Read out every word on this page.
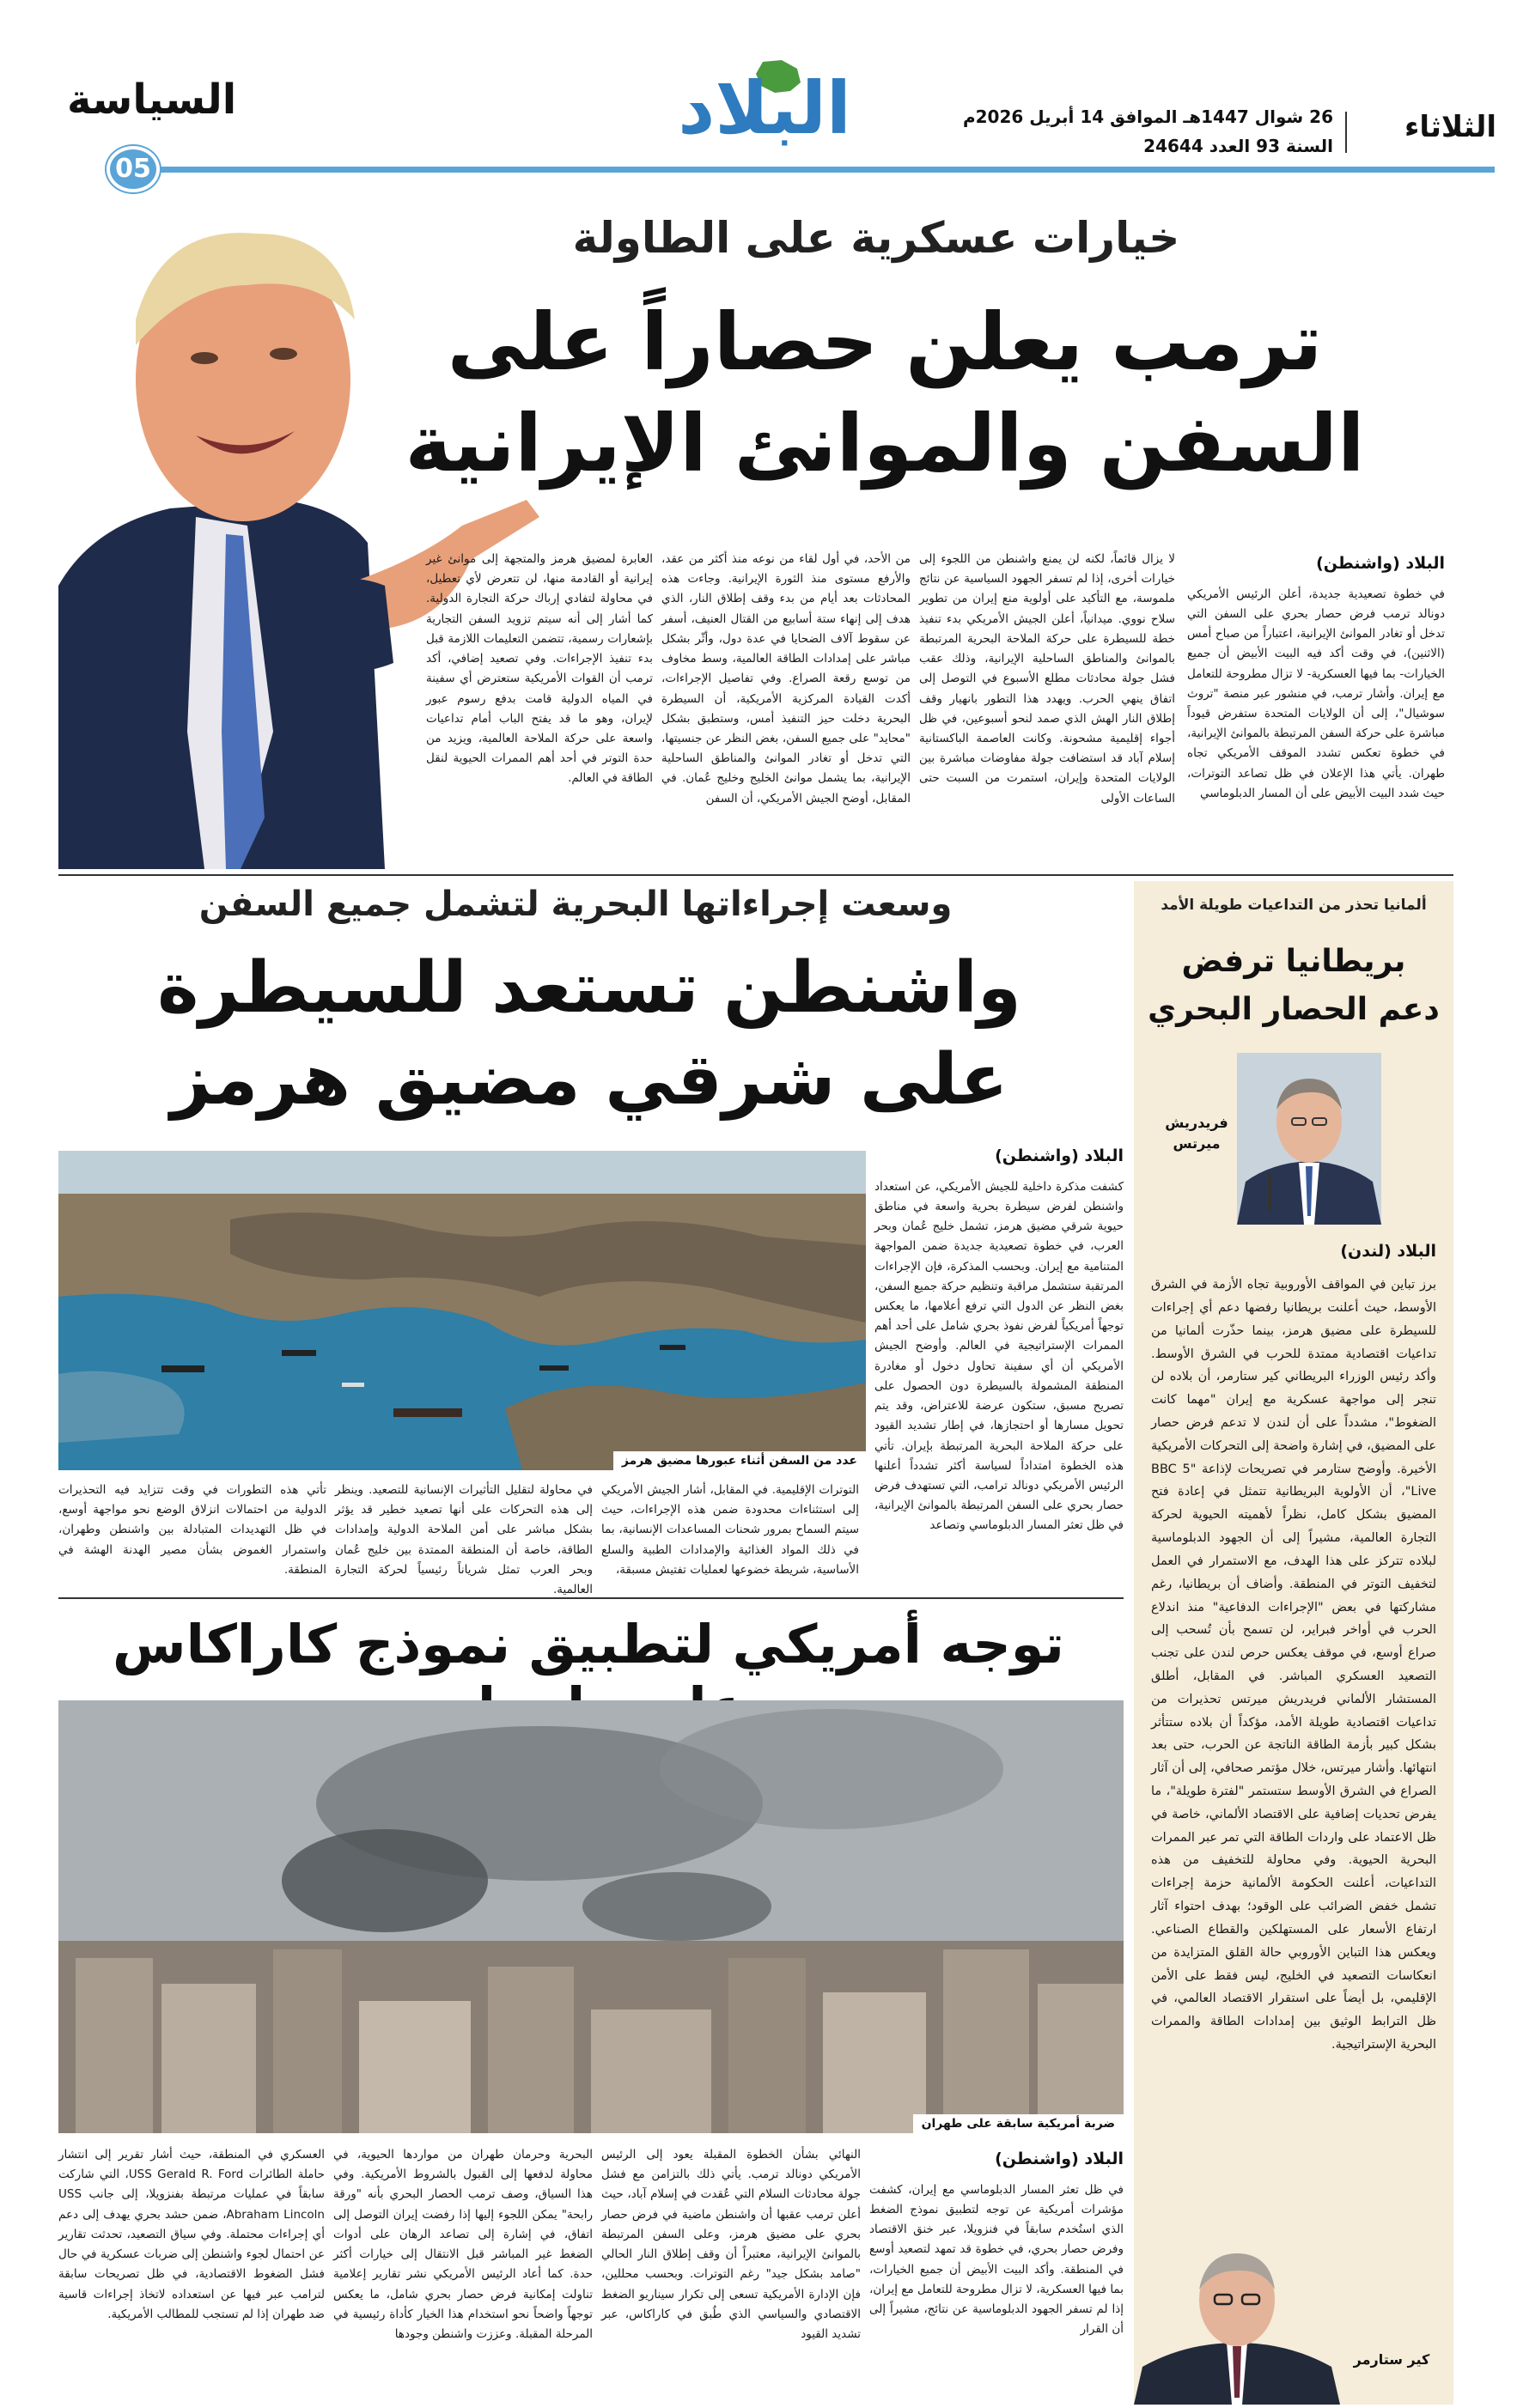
الثلاثاء
26 شوال 1447هـ الموافق 14 أبريل 2026م
السنة 93 العدد 24644
البلاد
السياسة
05
خيارات عسكرية على الطاولة
ترمب يعلن حصاراً على
السفن والموانئ الإيرانية
البلاد (واشنطن)

في خطوة تصعيدية جديدة، أعلن الرئيس الأمريكي دونالد ترمب فرض حصار بحري على السفن التي تدخل أو تغادر الموانئ الإيرانية، اعتباراً من صباح أمس (الاثنين)، في وقت أكد فيه البيت الأبيض أن جميع الخيارات- بما فيها العسكرية- لا تزال مطروحة للتعامل مع إيران. وأشار ترمب، في منشور عبر منصة "تروث سوشيال"، إلى أن الولايات المتحدة ستفرض قيوداً مباشرة على حركة السفن المرتبطة بالموانئ الإيرانية، في خطوة تعكس تشدد الموقف الأمريكي تجاه طهران. يأتي هذا الإعلان في ظل تصاعد التوترات، حيث شدد البيت الأبيض على أن المسار الدبلوماسي

لا يزال قائماً، لكنه لن يمنع واشنطن من اللجوء إلى خيارات أخرى، إذا لم تسفر الجهود السياسية عن نتائج ملموسة، مع التأكيد على أولوية منع إيران من تطوير سلاح نووي. ميدانياً، أعلن الجيش الأمريكي بدء تنفيذ خطة للسيطرة على حركة الملاحة البحرية المرتبطة بالموانئ والمناطق الساحلية الإيرانية، وذلك عقب فشل جولة محادثات مطلع الأسبوع في التوصل إلى اتفاق ينهي الحرب. ويهدد هذا التطور بانهيار وقف إطلاق النار الهش الذي صمد لنحو أسبوعين، في ظل أجواء إقليمية مشحونة. وكانت العاصمة الباكستانية إسلام آباد قد استضافت جولة مفاوضات مباشرة بين الولايات المتحدة وإيران، استمرت من السبت حتى الساعات الأولى

من الأحد، في أول لقاء من نوعه منذ أكثر من عقد، والأرفع مستوى منذ الثورة الإيرانية. وجاءت هذه المحادثات بعد أيام من بدء وقف إطلاق النار، الذي هدف إلى إنهاء ستة أسابيع من القتال العنيف، أسفر عن سقوط آلاف الضحايا في عدة دول، وأثّر بشكل مباشر على إمدادات الطاقة العالمية، وسط مخاوف من توسع رقعة الصراع. وفي تفاصيل الإجراءات، أكدت القيادة المركزية الأمريكية، أن السيطرة البحرية دخلت حيز التنفيذ أمس، وستطبق بشكل "محايد" على جميع السفن، بغض النظر عن جنسيتها، التي تدخل أو تغادر الموانئ والمناطق الساحلية الإيرانية، بما يشمل موانئ الخليج وخليج عُمان. في المقابل، أوضح الجيش الأمريكي، أن السفن

العابرة لمضيق هرمز والمتجهة إلى موانئ غير إيرانية أو القادمة منها، لن تتعرض لأي تعطيل، في محاولة لتفادي إرباك حركة التجارة الدولية. كما أشار إلى أنه سيتم تزويد السفن التجارية بإشعارات رسمية، تتضمن التعليمات اللازمة قبل بدء تنفيذ الإجراءات. وفي تصعيد إضافي، أكد ترمب أن القوات الأمريكية ستعترض أي سفينة في المياه الدولية قامت بدفع رسوم عبور لإيران، وهو ما قد يفتح الباب أمام تداعيات واسعة على حركة الملاحة العالمية، ويزيد من حدة التوتر في أحد أهم الممرات الحيوية لنقل الطاقة في العالم.

ألمانيا تحذر من التداعيات طويلة الأمد
بريطانيا ترفض
دعم الحصار البحري
فريدريش ميرتس
البلاد (لندن)

برز تباين في المواقف الأوروبية تجاه الأزمة في الشرق الأوسط، حيث أعلنت بريطانيا رفضها دعم أي إجراءات للسيطرة على مضيق هرمز، بينما حذّرت ألمانيا من تداعيات اقتصادية ممتدة للحرب في الشرق الأوسط. وأكد رئيس الوزراء البريطاني كير ستارمر، أن بلاده لن تنجر إلى مواجهة عسكرية مع إيران "مهما كانت الضغوط"، مشدداً على أن لندن لا تدعم فرض حصار على المضيق، في إشارة واضحة إلى التحركات الأمريكية الأخيرة. وأوضح ستارمر في تصريحات لإذاعة "BBC 5 Live"، أن الأولوية البريطانية تتمثل في إعادة فتح المضيق بشكل كامل، نظراً لأهميته الحيوية لحركة التجارة العالمية، مشيراً إلى أن الجهود الدبلوماسية لبلاده تتركز على هذا الهدف، مع الاستمرار في العمل لتخفيف التوتر في المنطقة. وأضاف أن بريطانيا، رغم مشاركتها في بعض "الإجراءات الدفاعية" منذ اندلاع الحرب في أواخر فبراير، لن تسمح بأن تُسحب إلى صراع أوسع، في موقف يعكس حرص لندن على تجنب التصعيد العسكري المباشر. في المقابل، أطلق المستشار الألماني فريدريش ميرتس تحذيرات من تداعيات اقتصادية طويلة الأمد، مؤكداً أن بلاده ستتأثر بشكل كبير بأزمة الطاقة الناتجة عن الحرب، حتى بعد انتهائها. وأشار ميرتس، خلال مؤتمر صحافي، إلى أن آثار الصراع في الشرق الأوسط ستستمر "لفترة طويلة"، ما يفرض تحديات إضافية على الاقتصاد الألماني، خاصة في ظل الاعتماد على واردات الطاقة التي تمر عبر الممرات البحرية الحيوية. وفي محاولة للتخفيف من هذه التداعيات، أعلنت الحكومة الألمانية حزمة إجراءات تشمل خفض الضرائب على الوقود؛ بهدف احتواء آثار ارتفاع الأسعار على المستهلكين والقطاع الصناعي. ويعكس هذا التباين الأوروبي حالة القلق المتزايدة من انعكاسات التصعيد في الخليج، ليس فقط على الأمن الإقليمي، بل أيضاً على استقرار الاقتصاد العالمي، في ظل الترابط الوثيق بين إمدادات الطاقة والممرات البحرية الإستراتيجية.

كير ستارمر
وسعت إجراءاتها البحرية لتشمل جميع السفن
واشنطن تستعد للسيطرة
على شرقي مضيق هرمز
عدد من السفن أثناء عبورها مضيق هرمز
البلاد (واشنطن)

كشفت مذكرة داخلية للجيش الأمريكي، عن استعداد واشنطن لفرض سيطرة بحرية واسعة في مناطق حيوية شرقي مضيق هرمز، تشمل خليج عُمان وبحر العرب، في خطوة تصعيدية جديدة ضمن المواجهة المتنامية مع إيران. وبحسب المذكرة، فإن الإجراءات المرتقبة ستشمل مراقبة وتنظيم حركة جميع السفن، بغض النظر عن الدول التي ترفع أعلامها، ما يعكس توجهاً أمريكياً لفرض نفوذ بحري شامل على أحد أهم الممرات الإستراتيجية في العالم. وأوضح الجيش الأمريكي أن أي سفينة تحاول دخول أو مغادرة المنطقة المشمولة بالسيطرة دون الحصول على تصريح مسبق، ستكون عرضة للاعتراض، وقد يتم تحويل مسارها أو احتجازها، في إطار تشديد القيود على حركة الملاحة البحرية المرتبطة بإيران. تأتي هذه الخطوة امتداداً لسياسة أكثر تشدداً أعلنها الرئيس الأمريكي دونالد ترامب، التي تستهدف فرض حصار بحري على السفن المرتبطة بالموانئ الإيرانية، في ظل تعثر المسار الدبلوماسي وتصاعد

التوترات الإقليمية. في المقابل، أشار الجيش الأمريكي إلى استثناءات محدودة ضمن هذه الإجراءات، حيث سيتم السماح بمرور شحنات المساعدات الإنسانية، بما في ذلك المواد الغذائية والإمدادات الطبية والسلع الأساسية، شريطة خضوعها لعمليات تفتيش مسبقة،

في محاولة لتقليل التأثيرات الإنسانية للتصعيد. وينظر إلى هذه التحركات على أنها تصعيد خطير قد يؤثر بشكل مباشر على أمن الملاحة الدولية وإمدادات الطاقة، خاصة أن المنطقة الممتدة بين خليج عُمان وبحر العرب تمثل شرياناً رئيسياً لحركة التجارة العالمية.

تأتي هذه التطورات في وقت تتزايد فيه التحذيرات الدولية من احتمالات انزلاق الوضع نحو مواجهة أوسع، في ظل التهديدات المتبادلة بين واشنطن وطهران، واستمرار الغموض بشأن مصير الهدنة الهشة في المنطقة.

توجه أمريكي لتطبيق نموذج كاراكاس
ضربة أمريكية سابقة على طهران
البلاد (واشنطن)

في ظل تعثر المسار الدبلوماسي مع إيران، كشفت مؤشرات أمريكية عن توجه لتطبيق نموذج الضغط الذي استُخدم سابقاً في فنزويلا، عبر خنق الاقتصاد وفرض حصار بحري، في خطوة قد تمهد لتصعيد أوسع في المنطقة. وأكد البيت الأبيض أن جميع الخيارات، بما فيها العسكرية، لا تزال مطروحة للتعامل مع إيران، إذا لم تسفر الجهود الدبلوماسية عن نتائج، مشيراً إلى أن القرار

النهائي بشأن الخطوة المقبلة يعود إلى الرئيس الأمريكي دونالد ترمب. يأتي ذلك بالتزامن مع فشل جولة محادثات السلام التي عُقدت في إسلام آباد، حيث أعلن ترمب عقبها أن واشنطن ماضية في فرض حصار بحري على مضيق هرمز، وعلى السفن المرتبطة بالموانئ الإيرانية، معتبراً أن وقف إطلاق النار الحالي "صامد بشكل جيد" رغم التوترات. وبحسب محللين، فإن الإدارة الأمريكية تسعى إلى تكرار سيناريو الضغط الاقتصادي والسياسي الذي طُبق في كاراكاس، عبر تشديد القيود

البحرية وحرمان طهران من مواردها الحيوية، في محاولة لدفعها إلى القبول بالشروط الأمريكية. وفي هذا السياق، وصف ترمب الحصار البحري بأنه "ورقة رابحة" يمكن اللجوء إليها إذا رفضت إيران التوصل إلى اتفاق، في إشارة إلى تصاعد الرهان على أدوات الضغط غير المباشر قبل الانتقال إلى خيارات أكثر حدة. كما أعاد الرئيس الأمريكي نشر تقارير إعلامية تناولت إمكانية فرض حصار بحري شامل، ما يعكس توجهاً واضحاً نحو استخدام هذا الخيار كأداة رئيسية في المرحلة المقبلة. وعززت واشنطن وجودها

العسكري في المنطقة، حيث أشار تقرير إلى انتشار حاملة الطائرات USS Gerald R. Ford، التي شاركت سابقاً في عمليات مرتبطة بفنزويلا، إلى جانب USS Abraham Lincoln، ضمن حشد بحري يهدف إلى دعم أي إجراءات محتملة. وفي سياق التصعيد، تحدثت تقارير عن احتمال لجوء واشنطن إلى ضربات عسكرية في حال فشل الضغوط الاقتصادية، في ظل تصريحات سابقة لترامب عبر فيها عن استعداده لاتخاذ إجراءات قاسية ضد طهران إذا لم تستجب للمطالب الأمريكية.
